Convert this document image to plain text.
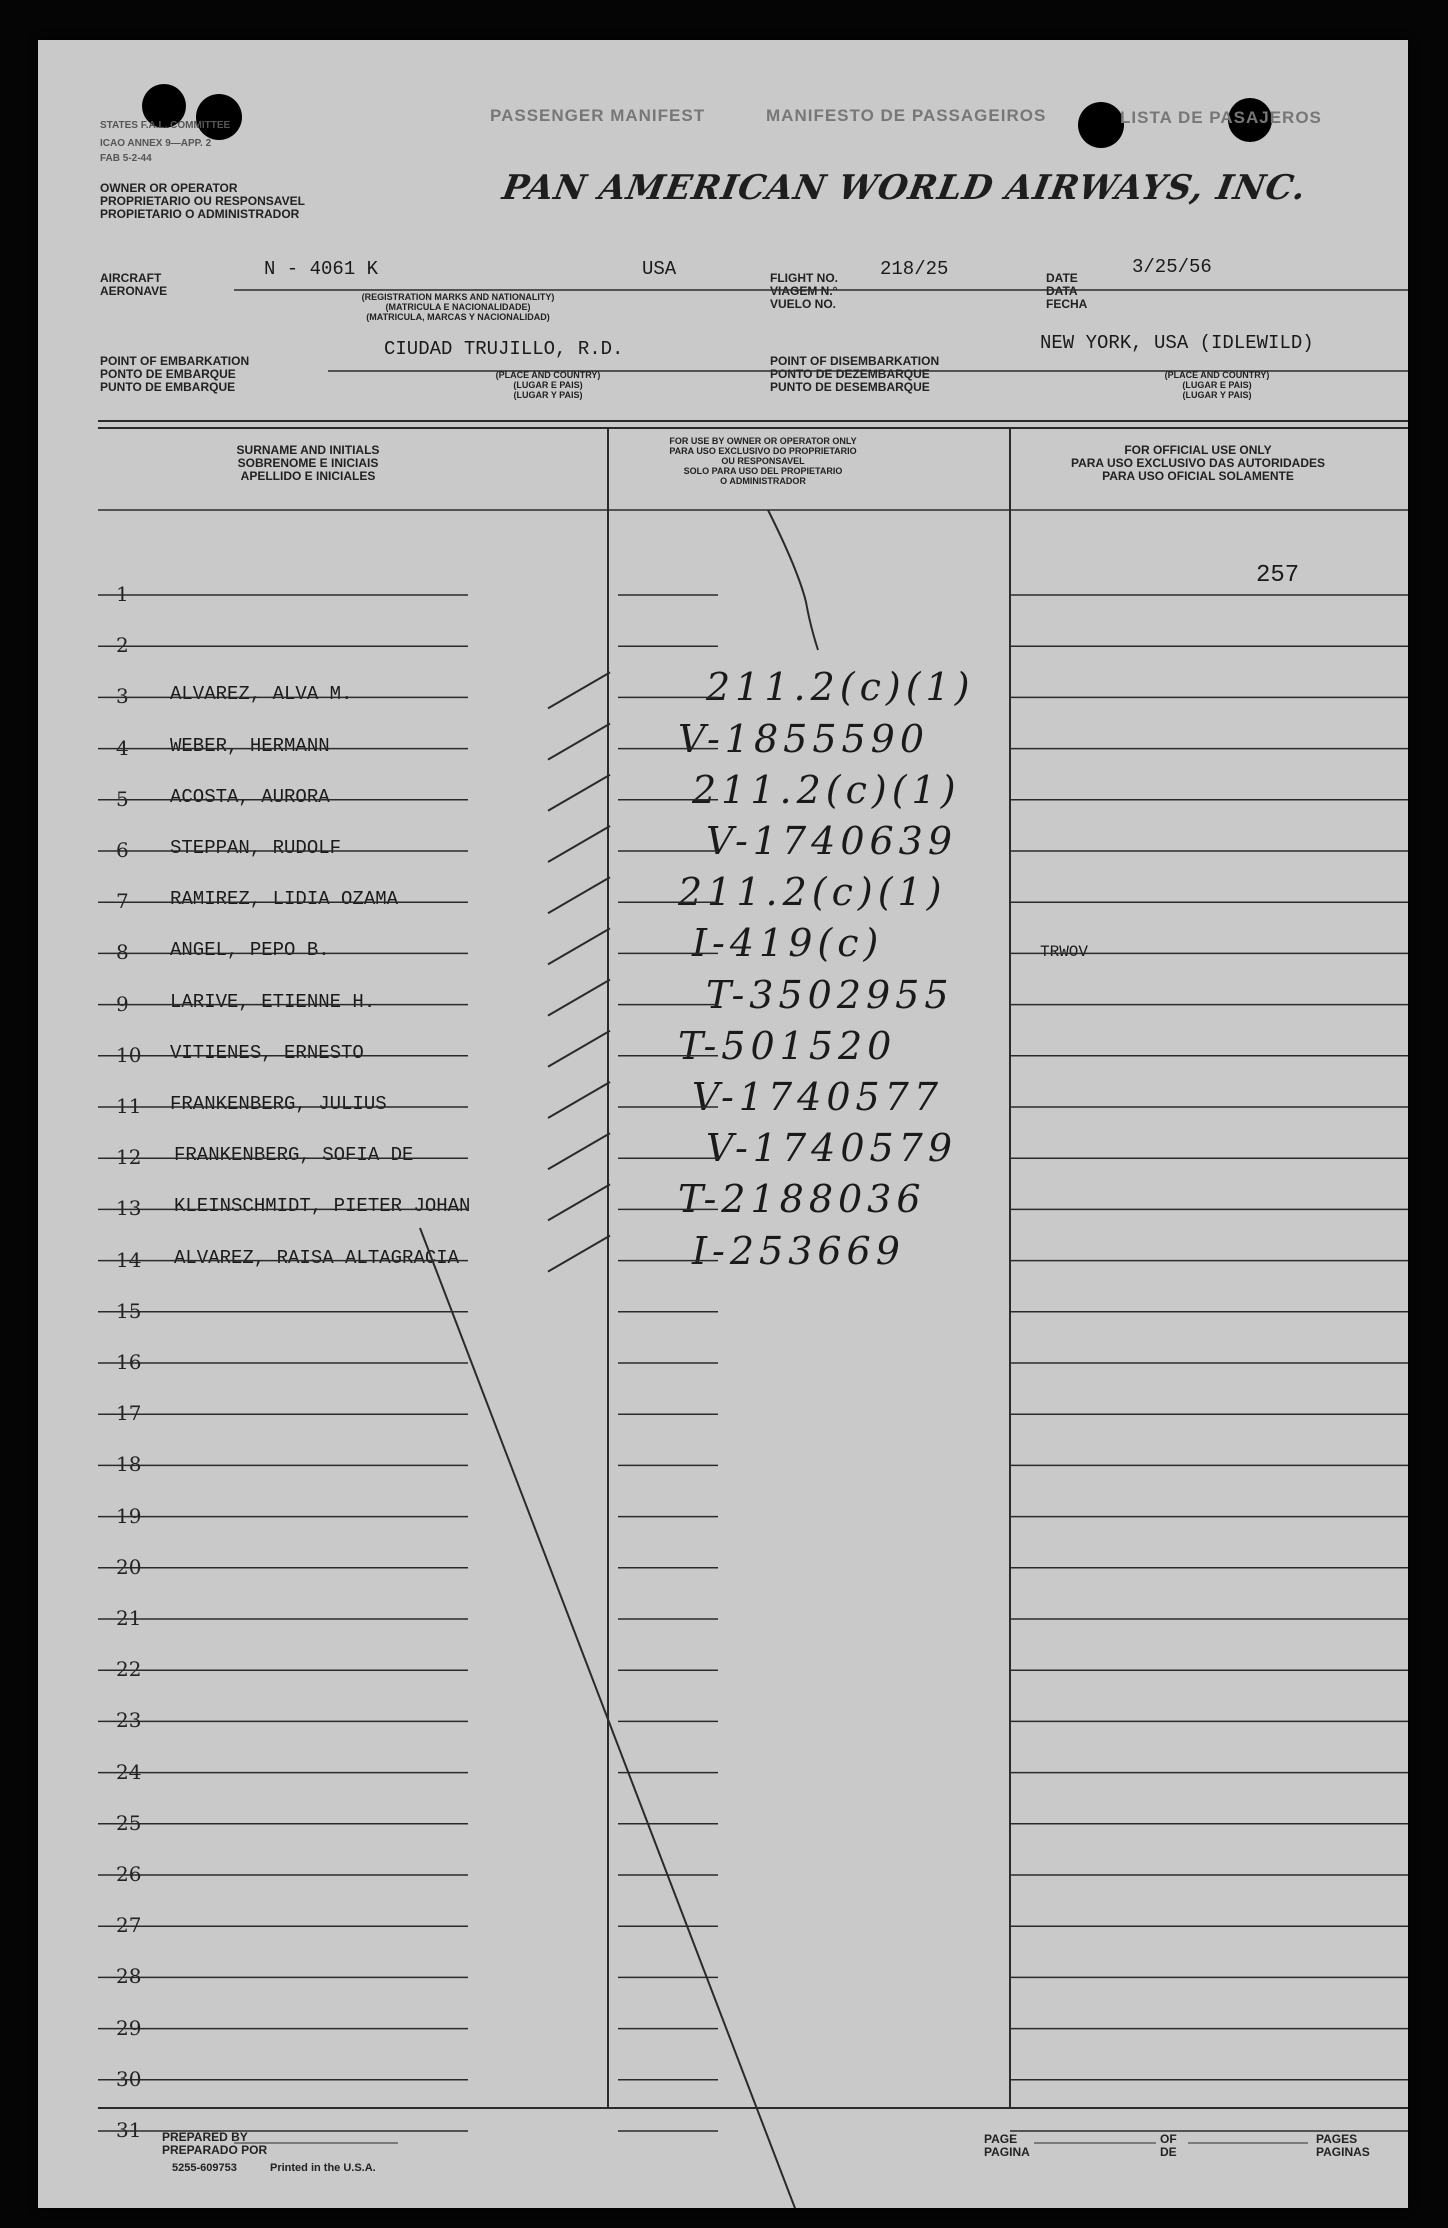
STATES F.A.L. COMMITTEE
ICAO ANNEX 9—APP. 2
FAB 5-2-44
PASSENGER MANIFEST	MANIFESTO DE PASSAGEIROS	LISTA DE PASAJEROS
OWNER OR OPERATOR
PROPRIETARIO OU RESPONSAVEL
PROPIETARIO O ADMINISTRADOR
PAN AMERICAN WORLD AIRWAYS, INC.
AIRCRAFT
AERONAVE
N - 4061 K	USA
(REGISTRATION MARKS AND NATIONALITY)
(MATRICULA E NACIONALIDADE)
(MATRICULA, MARCAS Y NACIONALIDAD)
FLIGHT NO.
VIAGEM N.°
VUELO NO.
218/25	DATE
DATA
FECHA
3/25/56
POINT OF EMBARKATION
PONTO DE EMBARQUE
PUNTO DE EMBARQUE
CIUDAD TRUJILLO, R.D.
(PLACE AND COUNTRY)
(LUGAR E PAIS)
(LUGAR Y PAIS)
POINT OF DISEMBARKATION
PONTO DE DEZEMBARQUE
PUNTO DE DESEMBARQUE
NEW YORK, USA (IDLEWILD)
(PLACE AND COUNTRY)
(LUGAR E PAIS)
(LUGAR Y PAIS)
SURNAME AND INITIALS
SOBRENOME E INICIAIS
APELLIDO E INICIALES
FOR USE BY OWNER OR OPERATOR ONLY
PARA USO EXCLUSIVO DO PROPRIETARIO
OU RESPONSAVEL
SOLO PARA USO DEL PROPIETARIO
O ADMINISTRADOR
FOR OFFICIAL USE ONLY
PARA USO EXCLUSIVO DAS AUTORIDADES
PARA USO OFICIAL SOLAMENTE
257
1
2
3 ALVAREZ, ALVA M.	211.2(c)(1)
4 WEBER, HERMANN	V-1855590
5 ACOSTA, AURORA	211.2(c)(1)
6 STEPPAN, RUDOLF	V-1740639
7 RAMIREZ, LIDIA OZAMA	211.2(c)(1)
8 ANGEL, PEPO B.	I-419(c)	TRWOV
9 LARIVE, ETIENNE H.	T-3502955
10 VITIENES, ERNESTO	T-501520
11 FRANKENBERG, JULIUS	V-1740577
12 FRANKENBERG, SOFIA DE	V-1740579
13 KLEINSCHMIDT, PIETER JOHAN	T-2188036
14 ALVAREZ, RAISA ALTAGRACIA	I-253669
15
16
17
18
19
20
21
22
23
24
25
26
27
28
29
30
31 PREPARED BY
PREPARADO POR
5255-609753	Printed in the U.S.A.
PAGE
PAGINA
OF
DE
PAGES
PAGINAS
